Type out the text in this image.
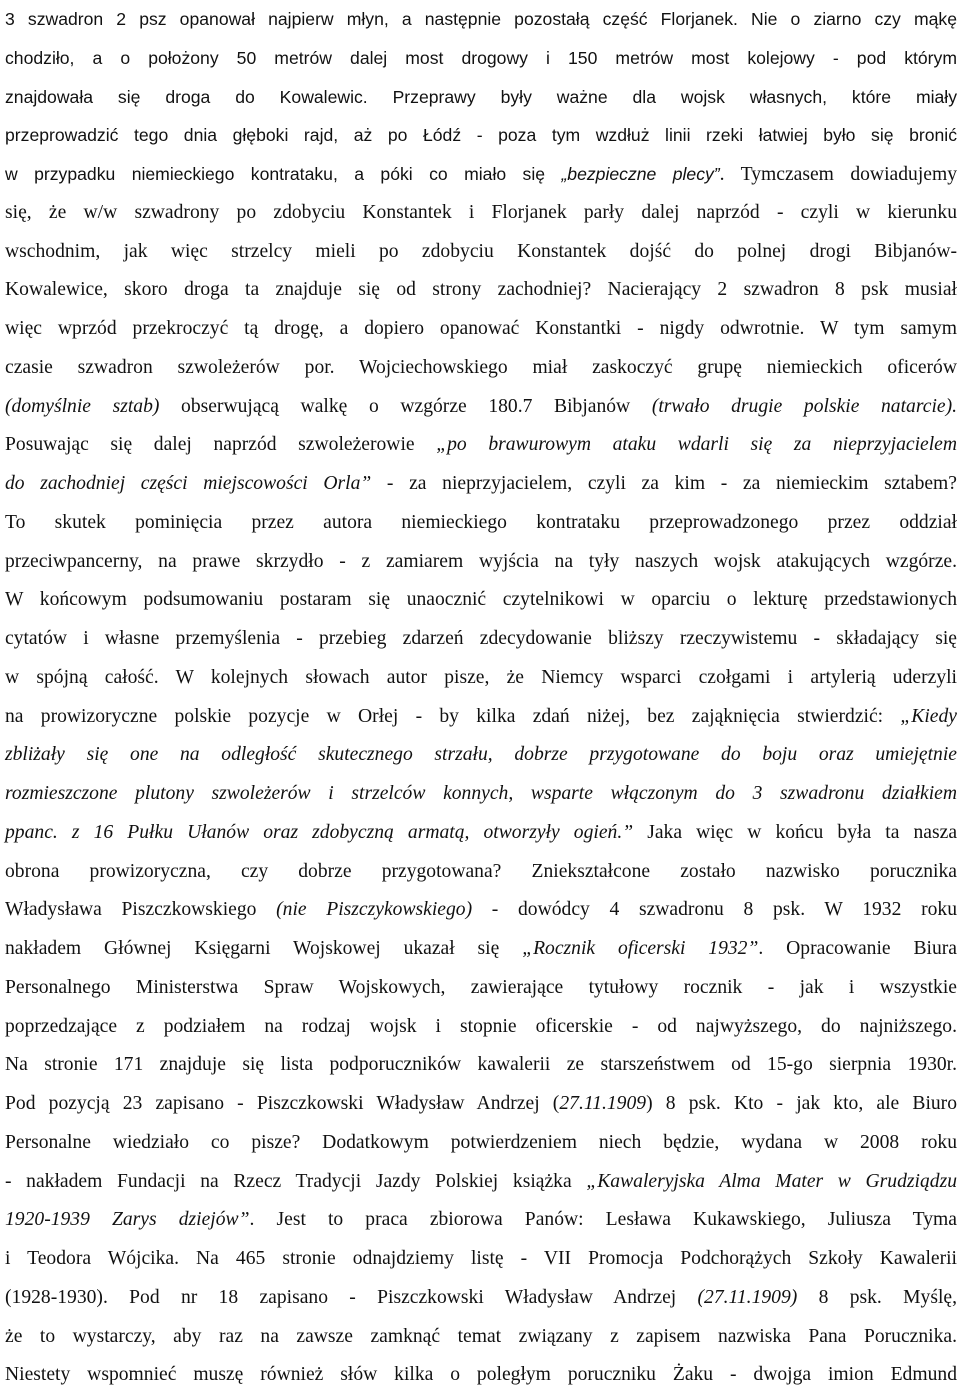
3 szwadron 2 psz opanował najpierw młyn, a następnie pozostałą część Florjanek. Nie o ziarno czy mąkę
chodziło, a o położony 50 metrów dalej most drogowy i 150 metrów most kolejowy - pod którym
znajdowała się droga do Kowalewic. Przeprawy były ważne dla wojsk własnych, które miały
przeprowadzić tego dnia głęboki rajd, aż po Łódź - poza tym wzdłuż linii rzeki łatwiej było się bronić
w przypadku niemieckiego kontrataku, a póki co miało się „bezpieczne plecy”. Tymczasem dowiadujemy
się, że w/w szwadrony po zdobyciu Konstantek i Florjanek parły dalej naprzód - czyli w kierunku
wschodnim, jak więc strzelcy mieli po zdobyciu Konstantek dojść do polnej drogi Bibjanów-
Kowalewice, skoro droga ta znajduje się od strony zachodniej? Nacierający 2 szwadron 8 psk musiał
więc wprzód przekroczyć tą drogę, a dopiero opanować Konstantki - nigdy odwrotnie. W tym samym
czasie szwadron szwoleżerów por. Wojciechowskiego miał zaskoczyć grupę niemieckich oficerów
(domyślnie sztab) obserwującą walkę o wzgórze 180.7 Bibjanów (trwało drugie polskie natarcie).
Posuwając się dalej naprzód szwoleżerowie „po brawurowym ataku wdarli się za nieprzyjacielem
do zachodniej części miejscowości Orla” - za nieprzyjacielem, czyli za kim - za niemieckim sztabem?
To skutek pominięcia przez autora niemieckiego kontrataku przeprowadzonego przez oddział
przeciwpancerny, na prawe skrzydło - z zamiarem wyjścia na tyły naszych wojsk atakujących wzgórze.
W końcowym podsumowaniu postaram się unaocznić czytelnikowi w oparciu o lekturę przedstawionych
cytatów i własne przemyślenia - przebieg zdarzeń zdecydowanie bliższy rzeczywistemu - składający się
w spójną całość. W kolejnych słowach autor pisze, że Niemcy wsparci czołgami i artylerią uderzyli
na prowizoryczne polskie pozycje w Orłej - by kilka zdań niżej, bez zająknięcia stwierdzić: „Kiedy
zbliżały się one na odległość skutecznego strzału, dobrze przygotowane do boju oraz umiejętnie
rozmieszczone plutony szwoleżerów i strzelców konnych, wsparte włączonym do 3 szwadronu działkiem
ppanc. z 16 Pułku Ułanów oraz zdobyczną armatą, otworzyły ogień.” Jaka więc w końcu była ta nasza
obrona prowizoryczna, czy dobrze przygotowana? Zniekształcone zostało nazwisko porucznika
Władysława Piszczkowskiego (nie Piszczykowskiego) - dowódcy 4 szwadronu 8 psk. W 1932 roku
nakładem Głównej Księgarni Wojskowej ukazał się „Rocznik oficerski 1932”. Opracowanie Biura
Personalnego Ministerstwa Spraw Wojskowych, zawierające tytułowy rocznik - jak i wszystkie
poprzedzające z podziałem na rodzaj wojsk i stopnie oficerskie - od najwyższego, do najniższego.
Na stronie 171 znajduje się lista podporuczników kawalerii ze starszeństwem od 15-go sierpnia 1930r.
Pod pozycją 23 zapisano - Piszczkowski Władysław Andrzej (27.11.1909) 8 psk. Kto - jak kto, ale Biuro
Personalne wiedziało co pisze? Dodatkowym potwierdzeniem niech będzie, wydana w 2008 roku
- nakładem Fundacji na Rzecz Tradycji Jazdy Polskiej książka „Kawaleryjska Alma Mater w Grudziądzu
1920-1939 Zarys dziejów”. Jest to praca zbiorowa Panów: Lesława Kukawskiego, Juliusza Tyma
i Teodora Wójcika. Na 465 stronie odnajdziemy listę - VII Promocja Podchorążych Szkoły Kawalerii
(1928-1930). Pod nr 18 zapisano - Piszczkowski Władysław Andrzej (27.11.1909) 8 psk. Myślę,
że to wystarczy, aby raz na zawsze zamknąć temat związany z zapisem nazwiska Pana Porucznika.
Niestety wspomnieć muszę również słów kilka o poległym poruczniku Żaku - dwojga imion Edmund
